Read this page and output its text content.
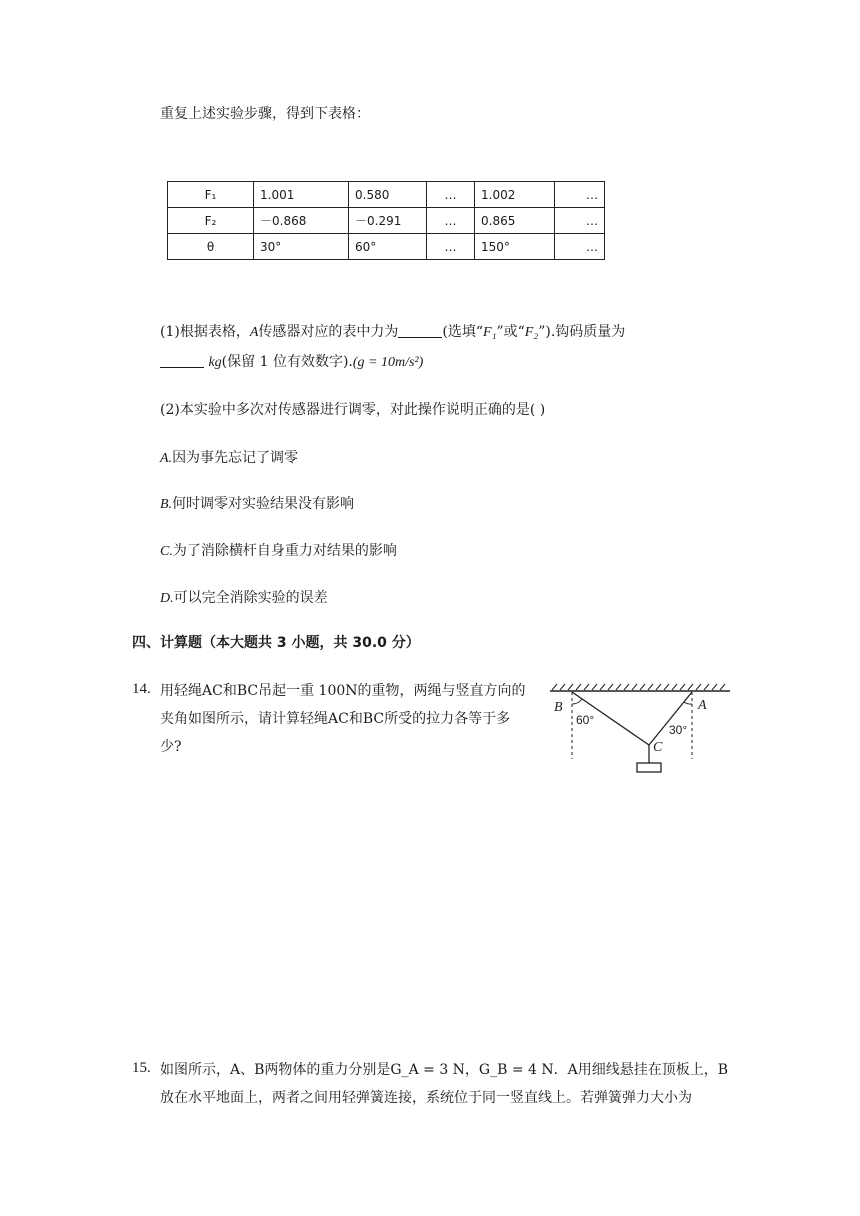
重复上述实验步骤，得到下表格：
F₁	1.001	0.580	…	1.002	…
F₂	－0.868	－0.291	…	0.865	…
θ	30°	60°	…	150°	…
(1)根据表格，A传感器对应的表中力为	(选填“F₁”或“F₂”).钩码质量为
kg(保留 1 位有效数字).(g = 10m/s²)
(2)本实验中多次对传感器进行调零，对此操作说明正确的是( )
A.因为事先忘记了调零
B.何时调零对实验结果没有影响
C.为了消除横杆自身重力对结果的影响
D.可以完全消除实验的误差
四、计算题（本大题共 3 小题，共 30.0 分）
14. 用轻绳AC和BC吊起一重 100N的重物，两绳与竖直方向的
夹角如图所示，请计算轻绳AC和BC所受的拉力各等于多
少?
B	A
C
60°
30°
15. 如图所示，A、B两物体的重力分别是G_A = 3 N，G_B = 4 N．A用细线悬挂在顶板上，B
放在水平地面上，两者之间用轻弹簧连接，系统位于同一竖直线上。若弹簧弹力大小为
